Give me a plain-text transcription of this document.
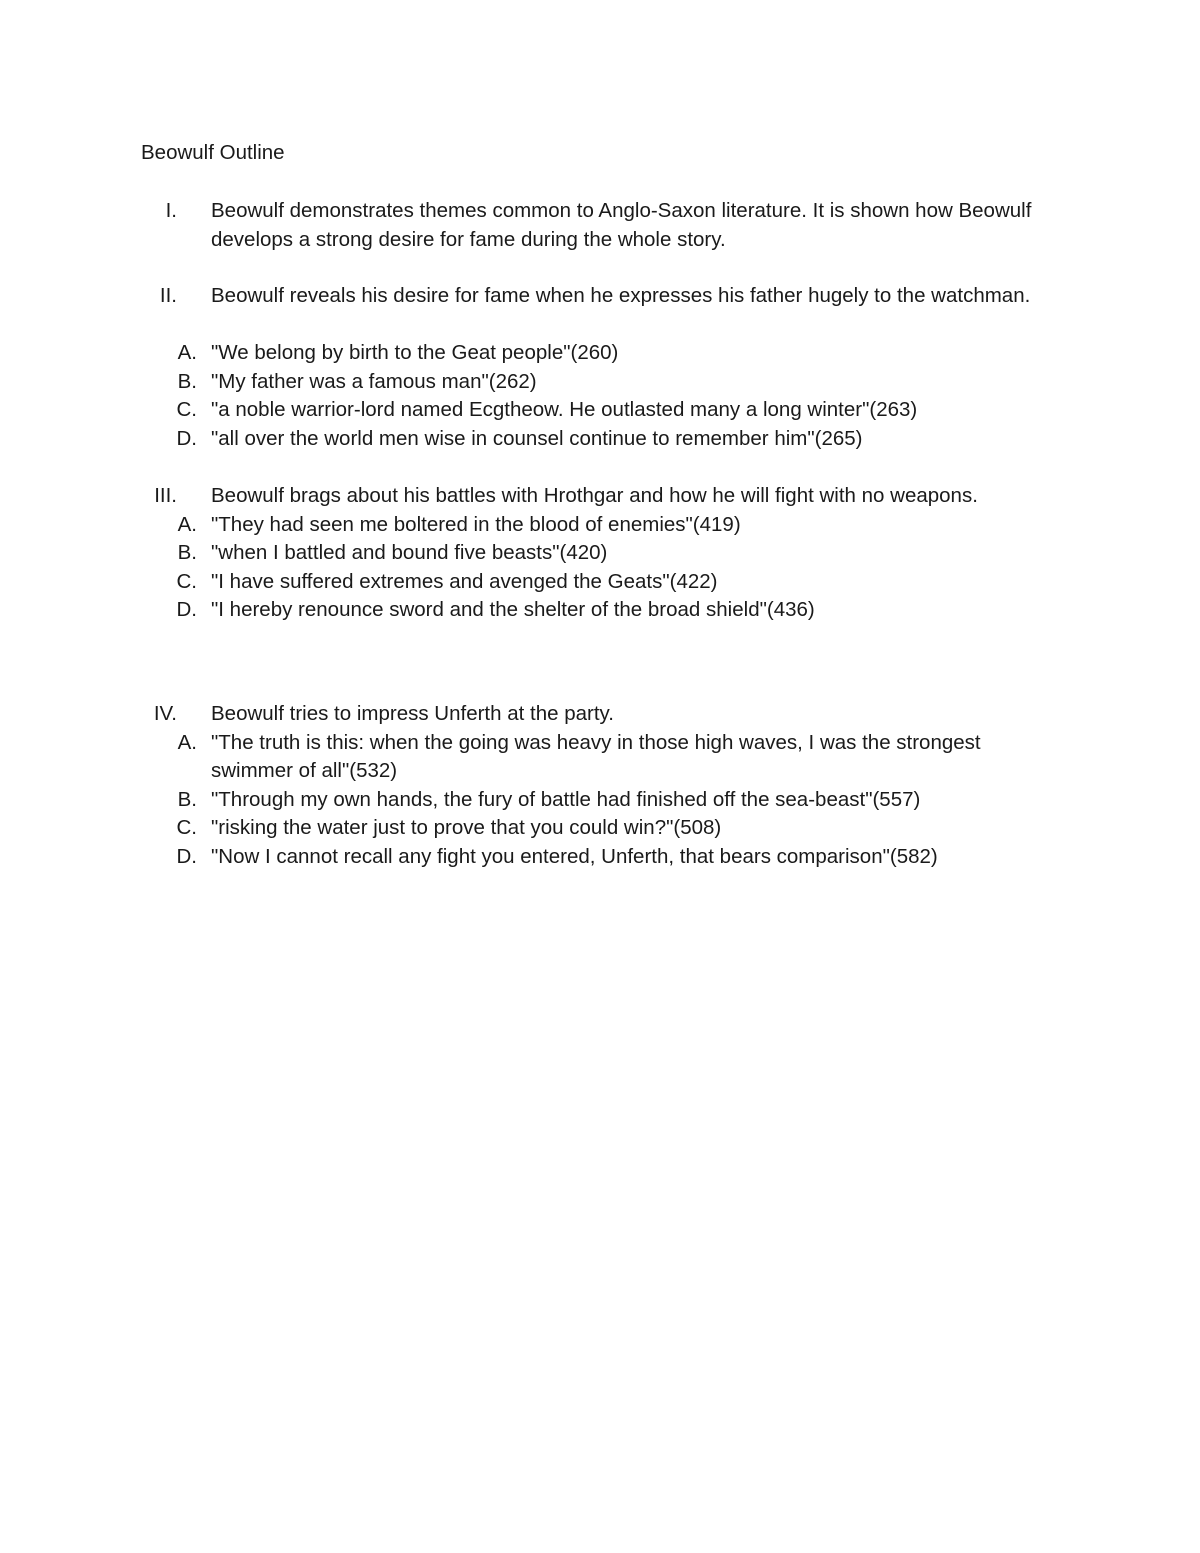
Beowulf Outline
I. Beowulf demonstrates themes common to Anglo-Saxon literature. It is shown how Beowulf develops a strong desire for fame during the whole story.
II. Beowulf reveals his desire for fame when he expresses his father hugely to the watchman.
A. "We belong by birth to the Geat people"(260)
B. "My father was a famous man"(262)
C. "a noble warrior-lord named Ecgtheow. He outlasted many a long winter"(263)
D. "all over the world men wise in counsel continue to remember him"(265)
III. Beowulf brags about his battles with Hrothgar and how he will fight with no weapons.
A. "They had seen me boltered in the blood of enemies"(419)
B. "when I battled and bound five beasts"(420)
C. "I have suffered extremes and avenged the Geats"(422)
D. "I hereby renounce sword and the shelter of the broad shield"(436)
IV. Beowulf tries to impress Unferth at the party.
A. "The truth is this: when the going was heavy in those high waves, I was the strongest swimmer of all"(532)
B. "Through my own hands, the fury of battle had finished off the sea-beast"(557)
C. "risking the water just to prove that you could win?"(508)
D. "Now I cannot recall any fight you entered, Unferth, that bears comparison"(582)
